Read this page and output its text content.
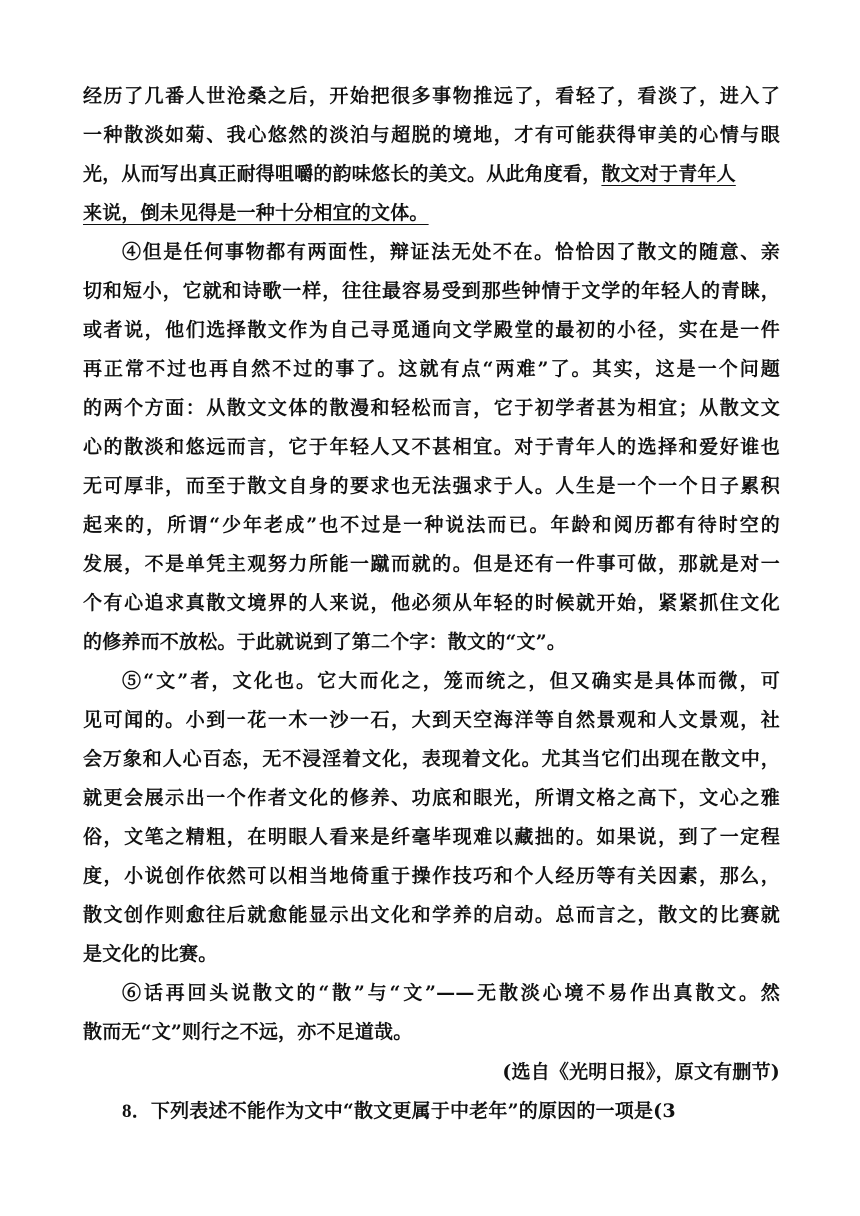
经历了几番人世沧桑之后，开始把很多事物推远了，看轻了，看淡了，进入了
一种散淡如菊、我心悠然的淡泊与超脱的境地，才有可能获得审美的心情与眼
光，从而写出真正耐得咀嚼的韵味悠长的美文。从此角度看，散文对于青年人
来说，倒未见得是一种十分相宜的文体。
④但是任何事物都有两面性，辩证法无处不在。恰恰因了散文的随意、亲
切和短小，它就和诗歌一样，往往最容易受到那些钟情于文学的年轻人的青睐，
或者说，他们选择散文作为自己寻觅通向文学殿堂的最初的小径，实在是一件
再正常不过也再自然不过的事了。这就有点“两难”了。其实，这是一个问题
的两个方面：从散文文体的散漫和轻松而言，它于初学者甚为相宜；从散文文
心的散淡和悠远而言，它于年轻人又不甚相宜。对于青年人的选择和爱好谁也
无可厚非，而至于散文自身的要求也无法强求于人。人生是一个一个日子累积
起来的，所谓“少年老成”也不过是一种说法而已。年龄和阅历都有待时空的
发展，不是单凭主观努力所能一蹴而就的。但是还有一件事可做，那就是对一
个有心追求真散文境界的人来说，他必须从年轻的时候就开始，紧紧抓住文化
的修养而不放松。于此就说到了第二个字：散文的“文”。
⑤“文”者，文化也。它大而化之，笼而统之，但又确实是具体而微，可
见可闻的。小到一花一木一沙一石，大到天空海洋等自然景观和人文景观，社
会万象和人心百态，无不浸淫着文化，表现着文化。尤其当它们出现在散文中，
就更会展示出一个作者文化的修养、功底和眼光，所谓文格之高下，文心之雅
俗，文笔之精粗，在明眼人看来是纤毫毕现难以藏拙的。如果说，到了一定程
度，小说创作依然可以相当地倚重于操作技巧和个人经历等有关因素，那么，
散文创作则愈往后就愈能显示出文化和学养的启动。总而言之，散文的比赛就
是文化的比赛。
⑥话再回头说散文的“散”与“文”——无散淡心境不易作出真散文。然
散而无“文”则行之不远，亦不足道哉。
(选自《光明日报》，原文有删节)
8．下列表述不能作为文中“散文更属于中老年”的原因的一项是(3
